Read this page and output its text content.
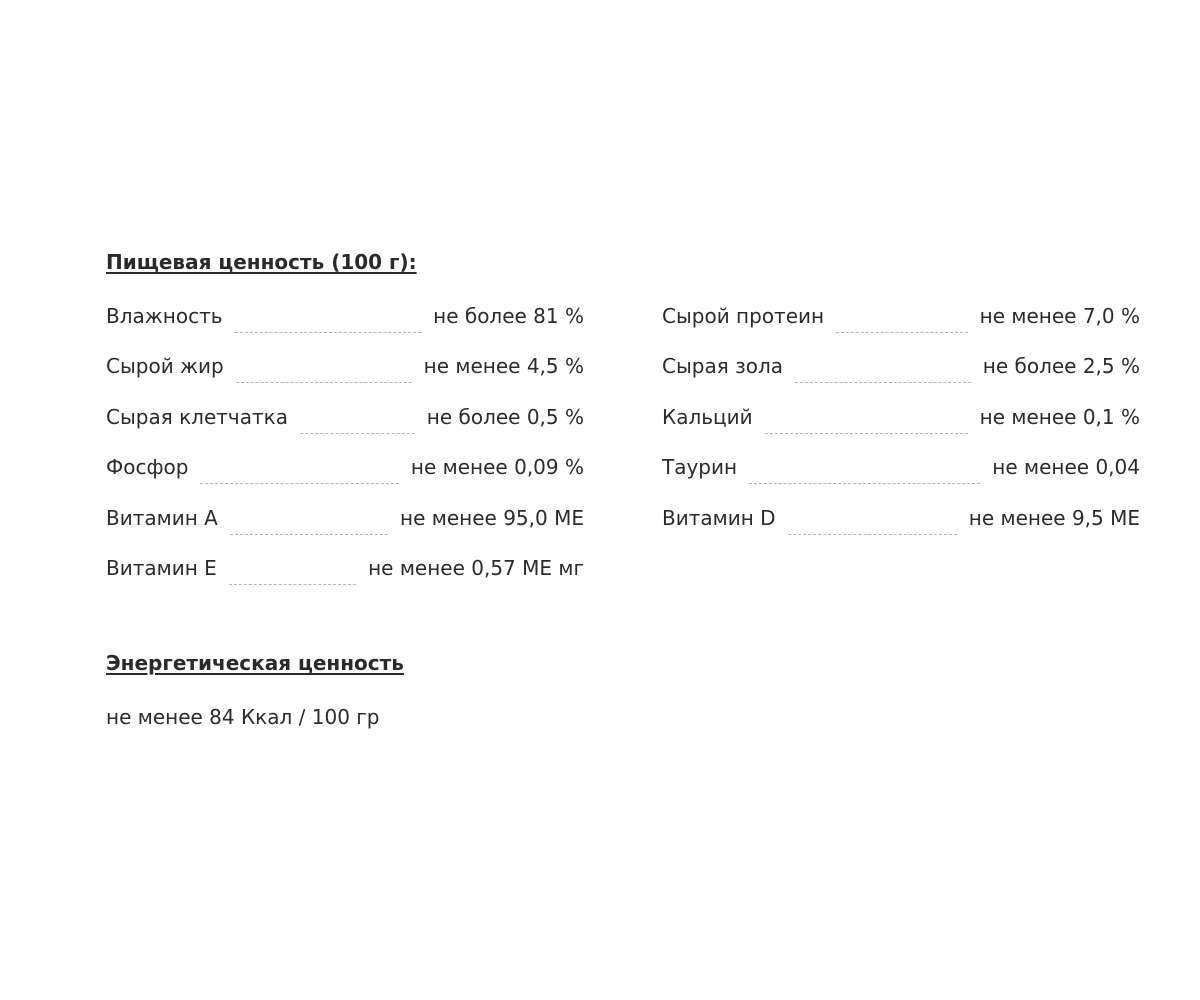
Пищевая ценность (100 г):
Влажность	не более 81 %
Сырой жир	не менее 4,5 %
Сырая клетчатка	не более 0,5 %
Фосфор	не менее 0,09 %
Витамин А	не менее 95,0 МЕ
Витамин Е	не менее 0,57 МЕ мг
Сырой протеин	не менее 7,0 %
Сырая зола	не более 2,5 %
Кальций	не менее 0,1 %
Таурин	не менее 0,04
Витамин D	не менее 9,5 МЕ
Энергетическая ценность
не менее 84 Ккал / 100 гр
